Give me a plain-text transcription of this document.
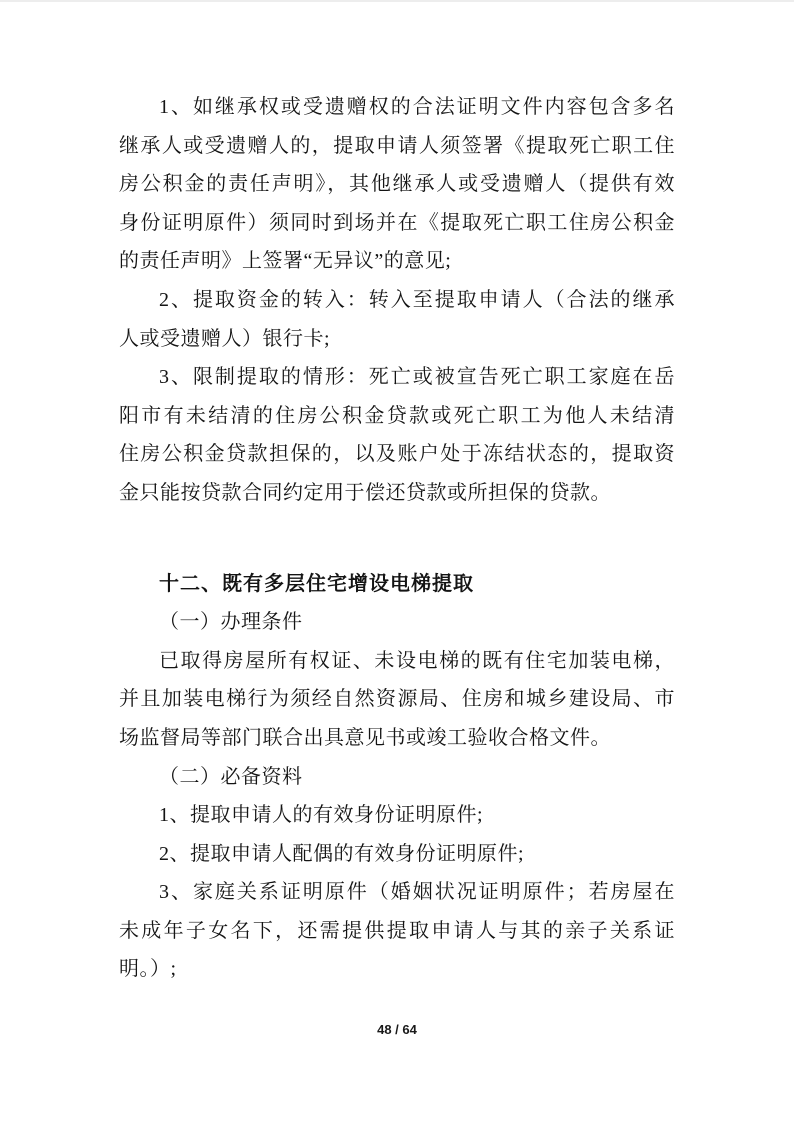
1、如继承权或受遗赠权的合法证明文件内容包含多名
继承人或受遗赠人的，提取申请人须签署《提取死亡职工住
房公积金的责任声明》，其他继承人或受遗赠人（提供有效
身份证明原件）须同时到场并在《提取死亡职工住房公积金
的责任声明》上签署“无异议”的意见;
2、提取资金的转入：转入至提取申请人（合法的继承
人或受遗赠人）银行卡;
3、限制提取的情形：死亡或被宣告死亡职工家庭在岳
阳市有未结清的住房公积金贷款或死亡职工为他人未结清
住房公积金贷款担保的，以及账户处于冻结状态的，提取资
金只能按贷款合同约定用于偿还贷款或所担保的贷款。
十二、既有多层住宅增设电梯提取
（一）办理条件
已取得房屋所有权证、未设电梯的既有住宅加装电梯，
并且加装电梯行为须经自然资源局、住房和城乡建设局、市
场监督局等部门联合出具意见书或竣工验收合格文件。
（二）必备资料
1、提取申请人的有效身份证明原件;
2、提取申请人配偶的有效身份证明原件;
3、家庭关系证明原件（婚姻状况证明原件；若房屋在
未成年子女名下，还需提供提取申请人与其的亲子关系证
明。）;
48 / 64
